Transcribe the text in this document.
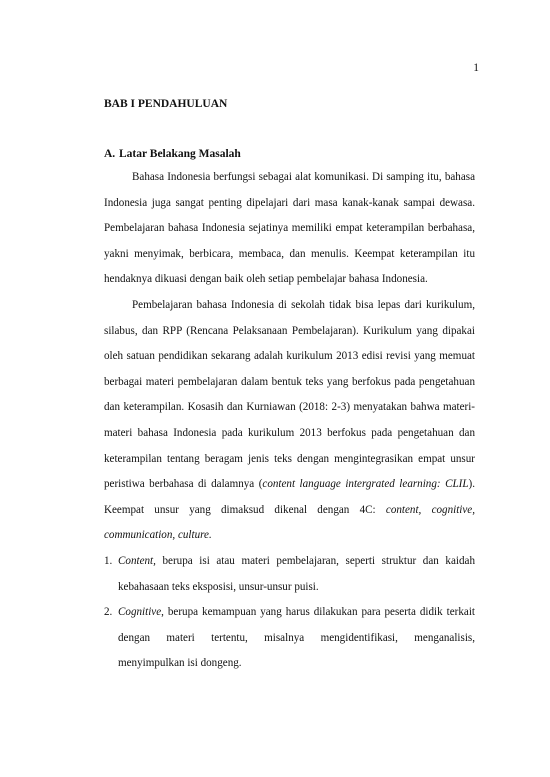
1
BAB I PENDAHULUAN
A. Latar Belakang Masalah

Bahasa Indonesia berfungsi sebagai alat komunikasi. Di samping itu, bahasa Indonesia juga sangat penting dipelajari dari masa kanak-kanak sampai dewasa. Pembelajaran bahasa Indonesia sejatinya memiliki empat keterampilan berbahasa, yakni menyimak, berbicara, membaca, dan menulis. Keempat keterampilan itu hendaknya dikuasi dengan baik oleh setiap pembelajar bahasa Indonesia.

Pembelajaran bahasa Indonesia di sekolah tidak bisa lepas dari kurikulum, silabus, dan RPP (Rencana Pelaksanaan Pembelajaran). Kurikulum yang dipakai oleh satuan pendidikan sekarang adalah kurikulum 2013 edisi revisi yang memuat berbagai materi pembelajaran dalam bentuk teks yang berfokus pada pengetahuan dan keterampilan. Kosasih dan Kurniawan (2018: 2-3) menyatakan bahwa materi-materi bahasa Indonesia pada kurikulum 2013 berfokus pada pengetahuan dan keterampilan tentang beragam jenis teks dengan mengintegrasikan empat unsur peristiwa berbahasa di dalamnya (content language intergrated learning: CLIL). Keempat unsur yang dimaksud dikenal dengan 4C: content, cognitive, communication, culture.

1. Content, berupa isi atau materi pembelajaran, seperti struktur dan kaidah kebahasaan teks eksposisi, unsur-unsur puisi.
2. Cognitive, berupa kemampuan yang harus dilakukan para peserta didik terkait dengan materi tertentu, misalnya mengidentifikasi, menganalisis, menyimpulkan isi dongeng.
